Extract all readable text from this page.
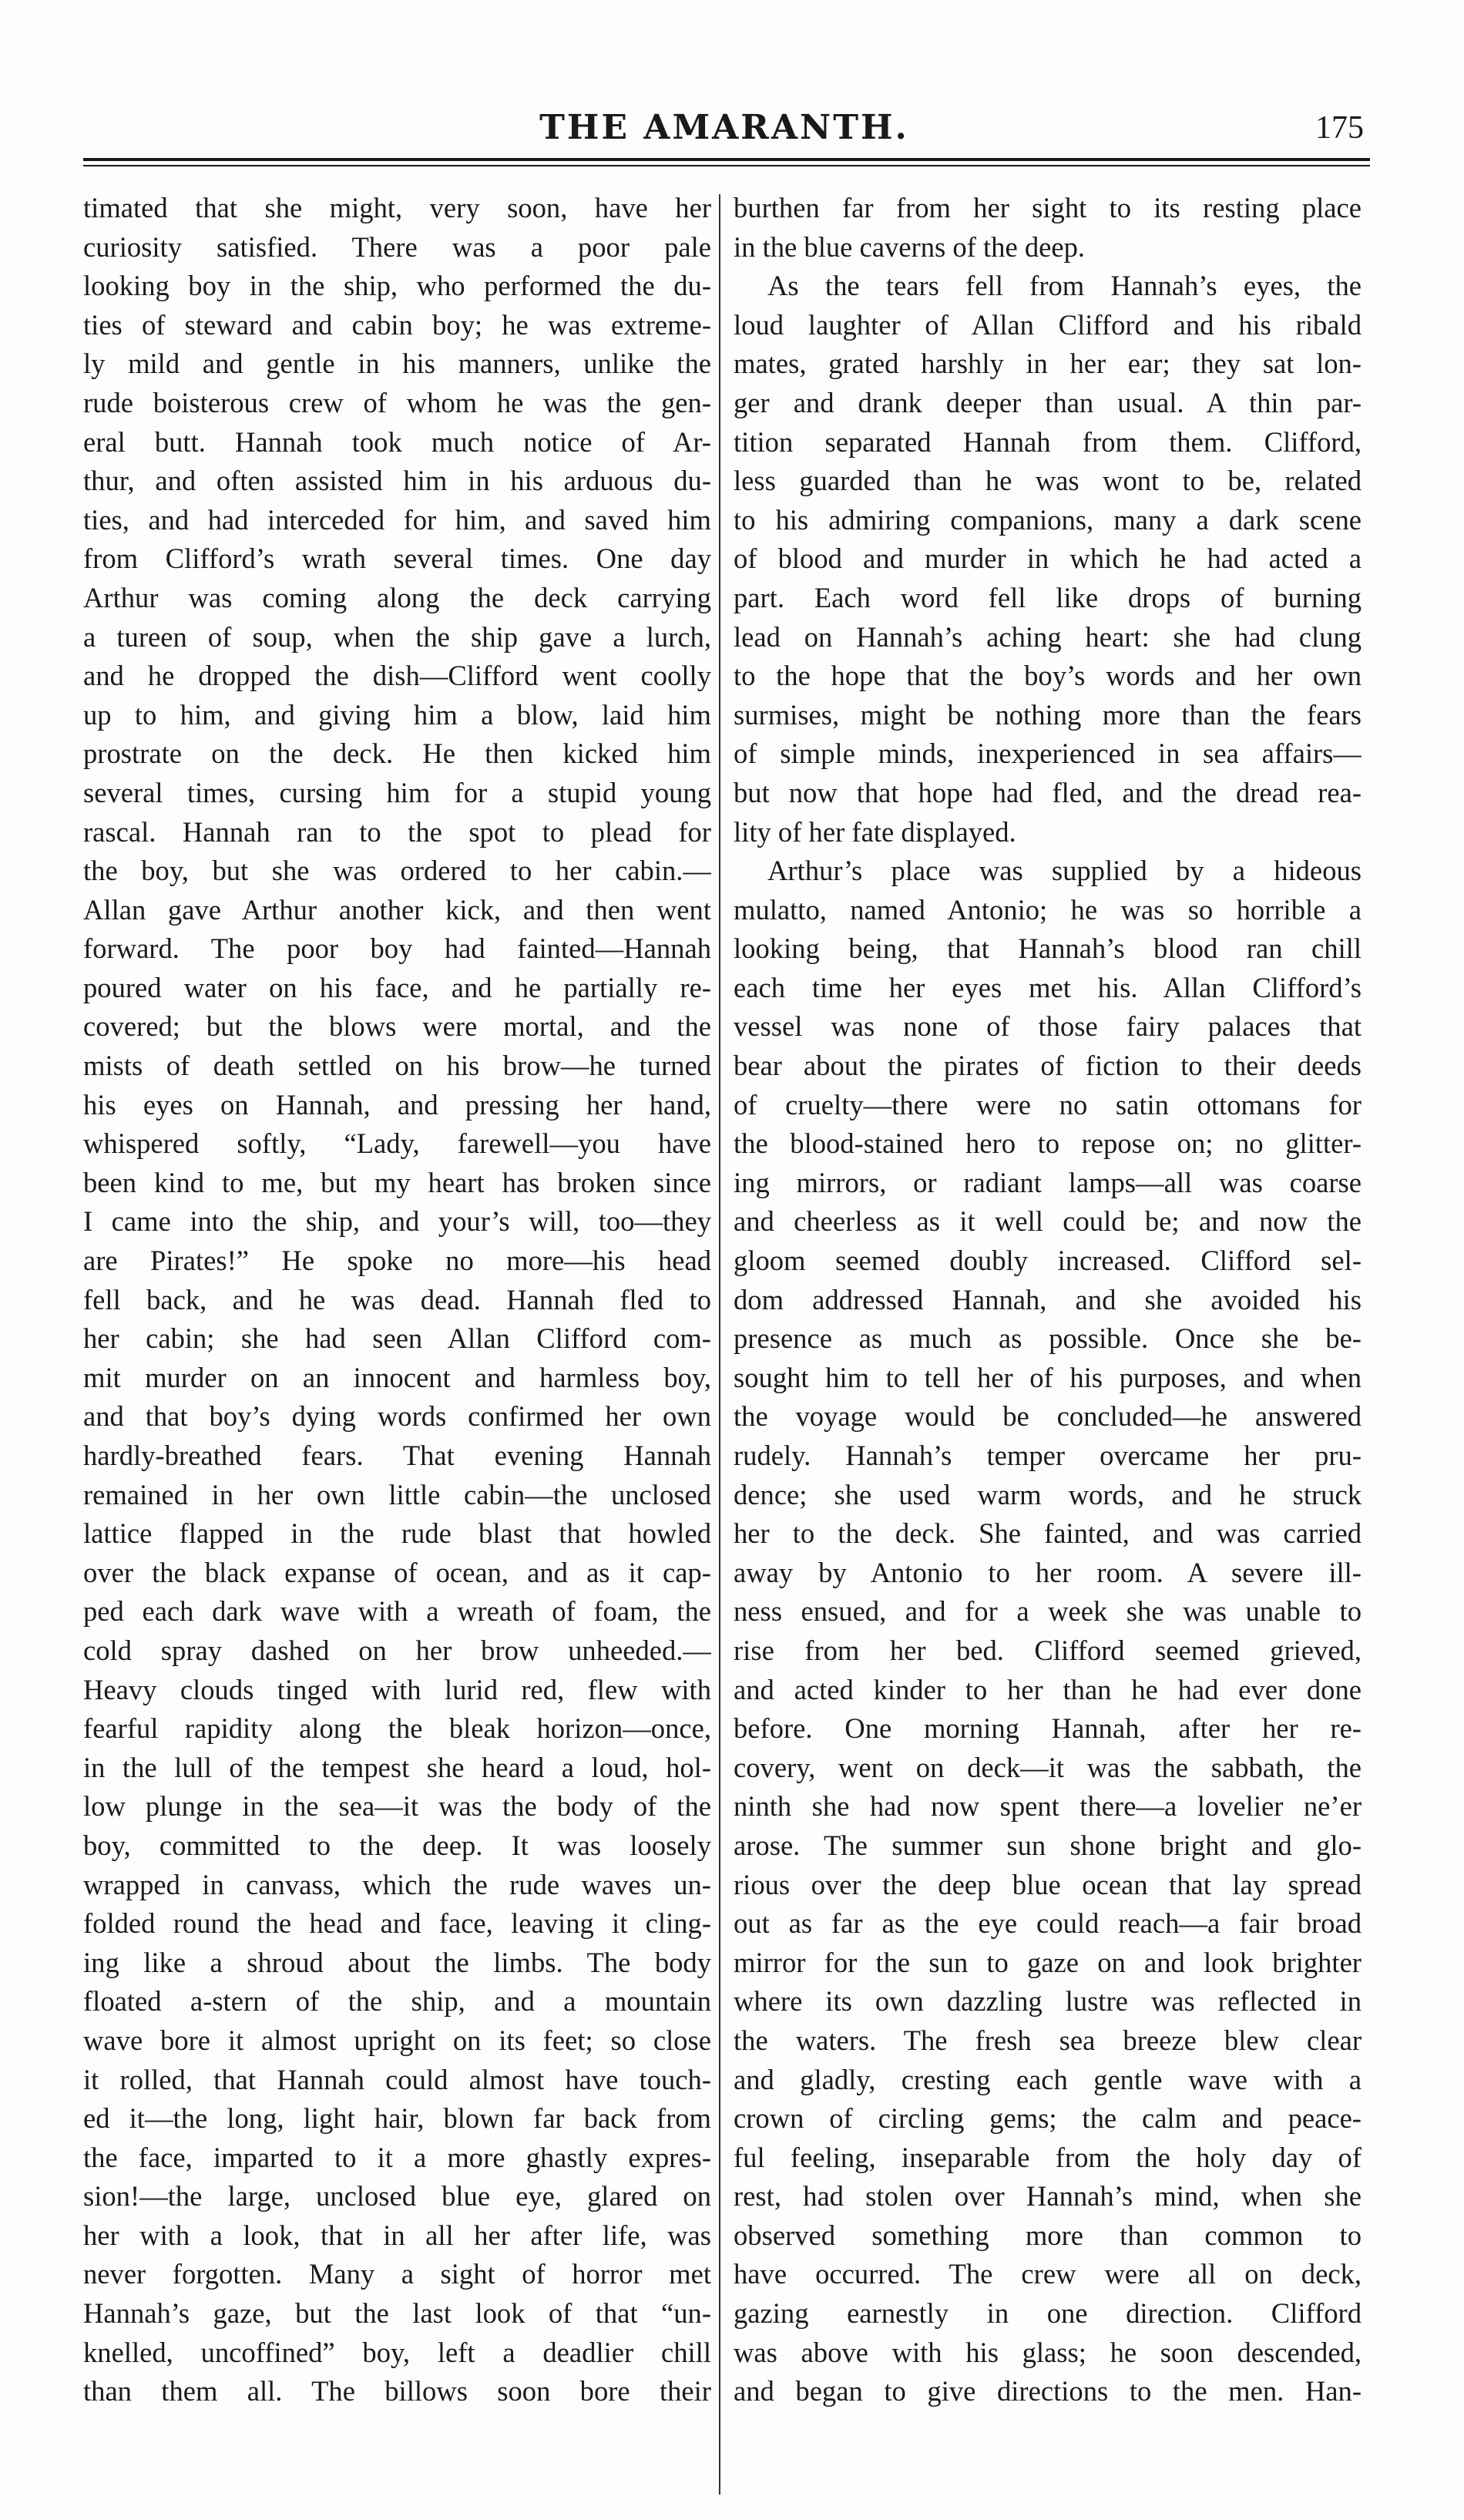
THE AMARANTH.	175
timated that she might, very soon, have her
curiosity satisfied. There was a poor pale
looking boy in the ship, who performed the du-
ties of steward and cabin boy; he was extreme-
ly mild and gentle in his manners, unlike the
rude boisterous crew of whom he was the gen-
eral butt. Hannah took much notice of Ar-
thur, and often assisted him in his arduous du-
ties, and had interceded for him, and saved him
from Clifford’s wrath several times. One day
Arthur was coming along the deck carrying
a tureen of soup, when the ship gave a lurch,
and he dropped the dish—Clifford went coolly
up to him, and giving him a blow, laid him
prostrate on the deck. He then kicked him
several times, cursing him for a stupid young
rascal. Hannah ran to the spot to plead for
the boy, but she was ordered to her cabin.—
Allan gave Arthur another kick, and then went
forward. The poor boy had fainted—Hannah
poured water on his face, and he partially re-
covered; but the blows were mortal, and the
mists of death settled on his brow—he turned
his eyes on Hannah, and pressing her hand,
whispered softly, “Lady, farewell—you have
been kind to me, but my heart has broken since
I came into the ship, and your’s will, too—they
are Pirates!” He spoke no more—his head
fell back, and he was dead. Hannah fled to
her cabin; she had seen Allan Clifford com-
mit murder on an innocent and harmless boy,
and that boy’s dying words confirmed her own
hardly-breathed fears. That evening Hannah
remained in her own little cabin—the unclosed
lattice flapped in the rude blast that howled
over the black expanse of ocean, and as it cap-
ped each dark wave with a wreath of foam, the
cold spray dashed on her brow unheeded.—
Heavy clouds tinged with lurid red, flew with
fearful rapidity along the bleak horizon—once,
in the lull of the tempest she heard a loud, hol-
low plunge in the sea—it was the body of the
boy, committed to the deep. It was loosely
wrapped in canvass, which the rude waves un-
folded round the head and face, leaving it cling-
ing like a shroud about the limbs. The body
floated a-stern of the ship, and a mountain
wave bore it almost upright on its feet; so close
it rolled, that Hannah could almost have touch-
ed it—the long, light hair, blown far back from
the face, imparted to it a more ghastly expres-
sion!—the large, unclosed blue eye, glared on
her with a look, that in all her after life, was
never forgotten. Many a sight of horror met
Hannah’s gaze, but the last look of that “un-
knelled, uncoffined” boy, left a deadlier chill
than them all. The billows soon bore their
burthen far from her sight to its resting place
in the blue caverns of the deep.
As the tears fell from Hannah’s eyes, the
loud laughter of Allan Clifford and his ribald
mates, grated harshly in her ear; they sat lon-
ger and drank deeper than usual. A thin par-
tition separated Hannah from them. Clifford,
less guarded than he was wont to be, related
to his admiring companions, many a dark scene
of blood and murder in which he had acted a
part. Each word fell like drops of burning
lead on Hannah’s aching heart: she had clung
to the hope that the boy’s words and her own
surmises, might be nothing more than the fears
of simple minds, inexperienced in sea affairs—
but now that hope had fled, and the dread rea-
lity of her fate displayed.
Arthur’s place was supplied by a hideous
mulatto, named Antonio; he was so horrible a
looking being, that Hannah’s blood ran chill
each time her eyes met his. Allan Clifford’s
vessel was none of those fairy palaces that
bear about the pirates of fiction to their deeds
of cruelty—there were no satin ottomans for
the blood-stained hero to repose on; no glitter-
ing mirrors, or radiant lamps—all was coarse
and cheerless as it well could be; and now the
gloom seemed doubly increased. Clifford sel-
dom addressed Hannah, and she avoided his
presence as much as possible. Once she be-
sought him to tell her of his purposes, and when
the voyage would be concluded—he answered
rudely. Hannah’s temper overcame her pru-
dence; she used warm words, and he struck
her to the deck. She fainted, and was carried
away by Antonio to her room. A severe ill-
ness ensued, and for a week she was unable to
rise from her bed. Clifford seemed grieved,
and acted kinder to her than he had ever done
before. One morning Hannah, after her re-
covery, went on deck—it was the sabbath, the
ninth she had now spent there—a lovelier ne’er
arose. The summer sun shone bright and glo-
rious over the deep blue ocean that lay spread
out as far as the eye could reach—a fair broad
mirror for the sun to gaze on and look brighter
where its own dazzling lustre was reflected in
the waters. The fresh sea breeze blew clear
and gladly, cresting each gentle wave with a
crown of circling gems; the calm and peace-
ful feeling, inseparable from the holy day of
rest, had stolen over Hannah’s mind, when she
observed something more than common to
have occurred. The crew were all on deck,
gazing earnestly in one direction. Clifford
was above with his glass; he soon descended,
and began to give directions to the men. Han-
